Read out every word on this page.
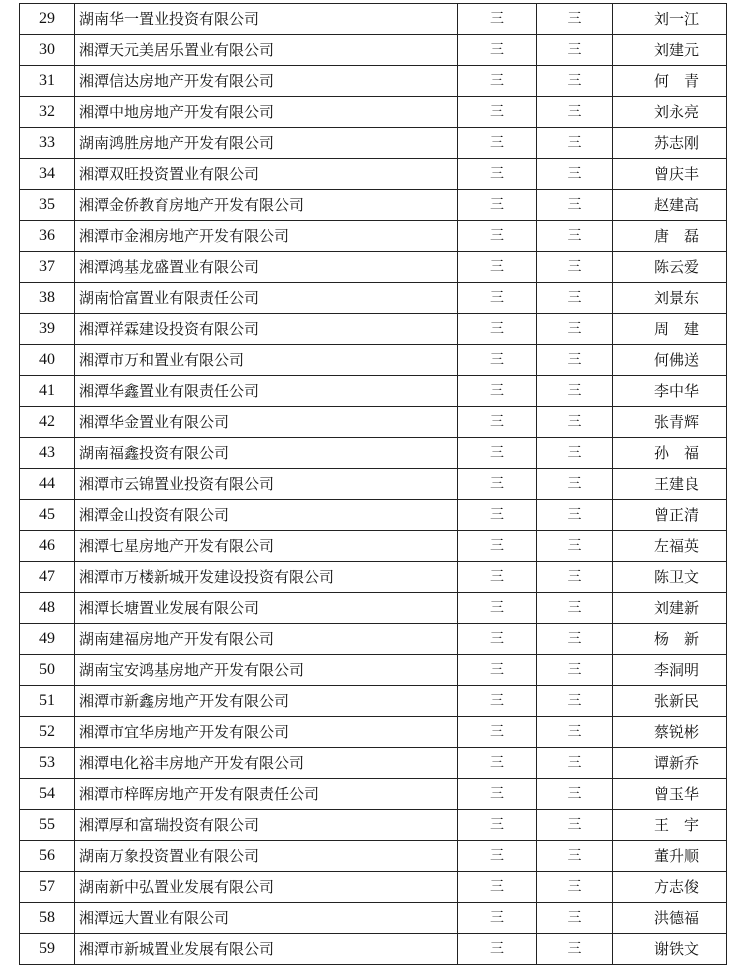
29	湖南华一置业投资有限公司	三	三	刘一江
30	湘潭天元美居乐置业有限公司	三	三	刘建元
31	湘潭信达房地产开发有限公司	三	三	何　青
32	湘潭中地房地产开发有限公司	三	三	刘永亮
33	湖南鸿胜房地产开发有限公司	三	三	苏志刚
34	湘潭双旺投资置业有限公司	三	三	曾庆丰
35	湘潭金侨教育房地产开发有限公司	三	三	赵建高
36	湘潭市金湘房地产开发有限公司	三	三	唐　磊
37	湘潭鸿基龙盛置业有限公司	三	三	陈云爱
38	湖南恰富置业有限责任公司	三	三	刘景东
39	湘潭祥霖建设投资有限公司	三	三	周　建
40	湘潭市万和置业有限公司	三	三	何佛送
41	湘潭华鑫置业有限责任公司	三	三	李中华
42	湘潭华金置业有限公司	三	三	张青辉
43	湖南福鑫投资有限公司	三	三	孙　福
44	湘潭市云锦置业投资有限公司	三	三	王建良
45	湘潭金山投资有限公司	三	三	曾正清
46	湘潭七星房地产开发有限公司	三	三	左福英
47	湘潭市万楼新城开发建设投资有限公司	三	三	陈卫文
48	湘潭长塘置业发展有限公司	三	三	刘建新
49	湖南建福房地产开发有限公司	三	三	杨　新
50	湖南宝安鸿基房地产开发有限公司	三	三	李洞明
51	湘潭市新鑫房地产开发有限公司	三	三	张新民
52	湘潭市宜华房地产开发有限公司	三	三	蔡锐彬
53	湘潭电化裕丰房地产开发有限公司	三	三	谭新乔
54	湘潭市梓晖房地产开发有限责任公司	三	三	曾玉华
55	湘潭厚和富瑞投资有限公司	三	三	王　宇
56	湖南万象投资置业有限公司	三	三	董升顺
57	湖南新中弘置业发展有限公司	三	三	方志俊
58	湘潭远大置业有限公司	三	三	洪德福
59	湘潭市新城置业发展有限公司	三	三	谢铁文
